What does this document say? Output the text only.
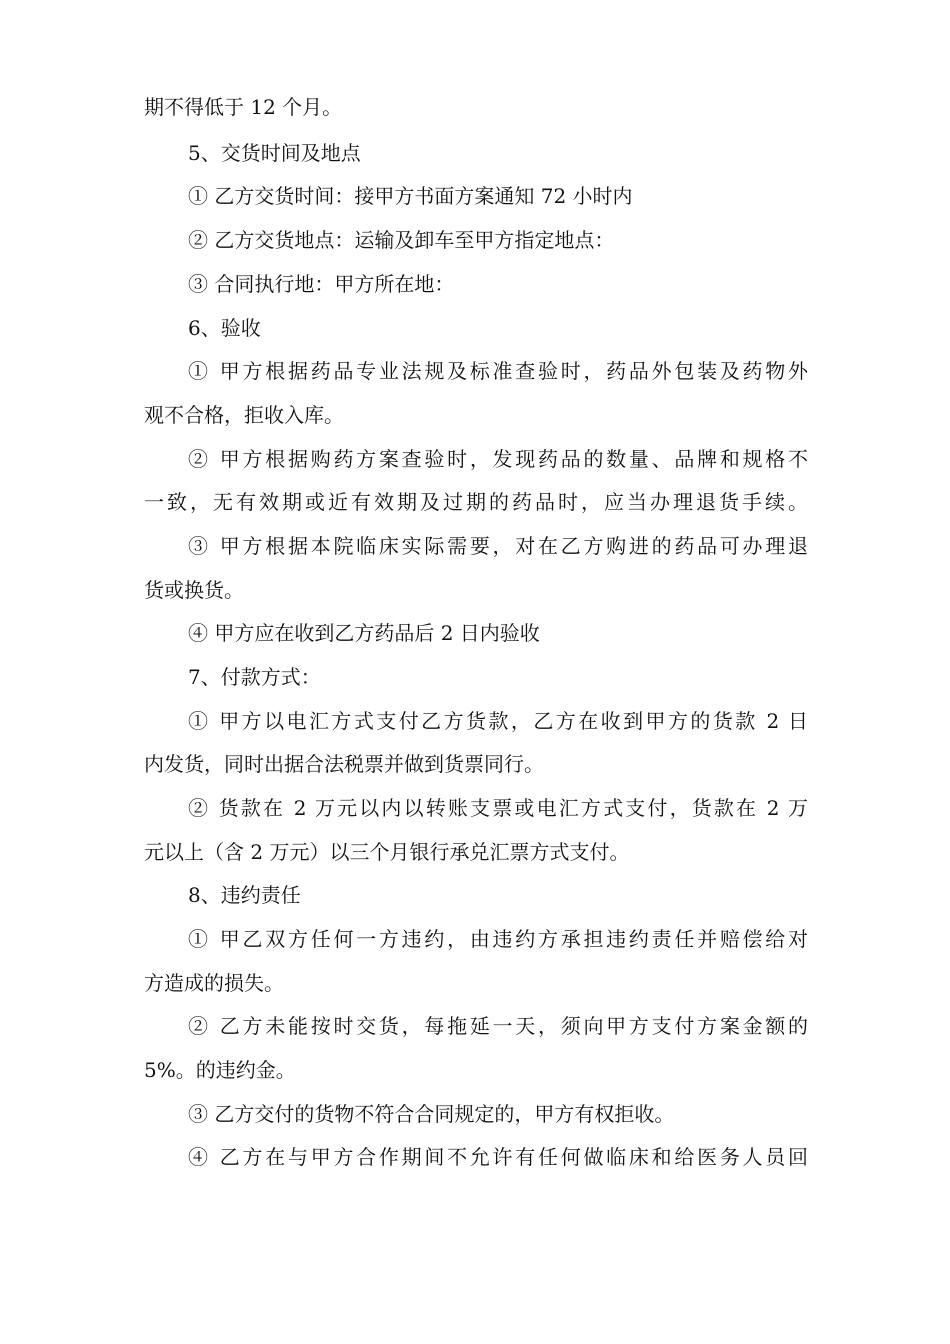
期不得低于 12 个月。
5、交货时间及地点
① 乙方交货时间：接甲方书面方案通知 72 小时内
② 乙方交货地点：运输及卸车至甲方指定地点：
③ 合同执行地：甲方所在地：
6、验收
① 甲方根据药品专业法规及标准查验时，药品外包装及药物外
观不合格，拒收入库。
② 甲方根据购药方案查验时，发现药品的数量、品牌和规格不
一致，无有效期或近有效期及过期的药品时，应当办理退货手续。
③ 甲方根据本院临床实际需要，对在乙方购进的药品可办理退
货或换货。
④ 甲方应在收到乙方药品后 2 日内验收
7、付款方式：
① 甲方以电汇方式支付乙方货款，乙方在收到甲方的货款 2 日
内发货，同时出据合法税票并做到货票同行。
② 货款在 2 万元以内以转账支票或电汇方式支付，货款在 2 万
元以上（含 2 万元）以三个月银行承兑汇票方式支付。
8、违约责任
① 甲乙双方任何一方违约，由违约方承担违约责任并赔偿给对
方造成的损失。
② 乙方未能按时交货，每拖延一天，须向甲方支付方案金额的
5%。的违约金。
③ 乙方交付的货物不符合合同规定的，甲方有权拒收。
④ 乙方在与甲方合作期间不允许有任何做临床和给医务人员回
